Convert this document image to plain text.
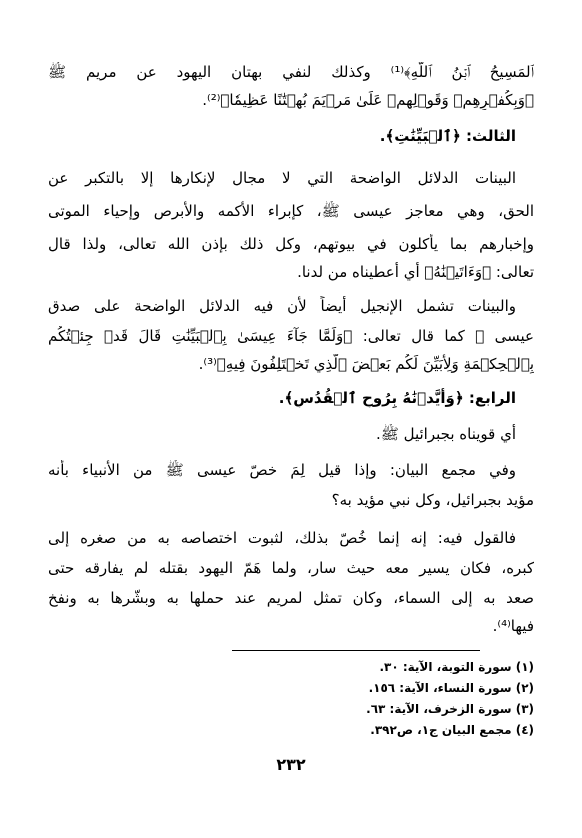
ﭐﻟﻤَﺴِﻴﺢُ ﭐﺑۡﻦُ ﭐﻟﻠَّﻪِ﴾⁽¹⁾ وكذلك لنفي بهتان اليهود عن مريم ﷺ
﴿وَبِكُفۡرِهِمۡ وَقَوۡلِهِمۡ عَلَىٰ مَرۡيَمَ بُهۡتَٰنًا عَظِيمٗا﴾⁽²⁾.
الثالث: ﴿ٱلۡبَيِّنَٰتِ﴾.
البينات الدلائل الواضحة التي لا مجال لإنكارها إلا بالتكبر عن
الحق، وهي معاجز عيسى ﷺ، كإبراء الأكمه والأبرص وإحياء الموتى
وإخبارهم بما يأكلون في بيوتهم، وكل ذلك بإذن الله تعالى، ولذا قال
تعالى: ﴿وَءَاتَيۡنَٰهُ﴾ أي أعطيناه من لدنا.
والبينات تشمل الإنجيل أيضاً لأن فيه الدلائل الواضحة على صدق
عيسى ﷺ كما قال تعالى: ﴿وَلَمَّا جَآءَ عِيسَىٰ بِٱلۡبَيِّنَٰتِ قَالَ قَدۡ جِئۡتُكُم
بِٱلۡحِكۡمَةِ وَلِأُبَيِّنَ لَكُم بَعۡضَ ٱلَّذِي تَخۡتَلِفُونَ فِيهِ﴾⁽³⁾.
الرابع: ﴿وَأَيَّدۡنَٰهُ بِرُوحِ ٱلۡقُدُسِ﴾.
أي قويناه بجبرائيل ﷺ.
وفي مجمع البيان: وإذا قيل لِمَ خصّ عيسى ﷺ من الأنبياء بأنه
مؤيد بجبرائيل، وكل نبي مؤيد به؟
فالقول فيه: إنه إنما خُصّ بذلك، لثبوت اختصاصه به من صغره إلى
كبره، فكان يسير معه حيث سار، ولما هَمّ اليهود بقتله لم يفارقه حتى
صعد به إلى السماء، وكان تمثل لمريم عند حملها به وبشّرها به ونفخ
فيها⁽⁴⁾.
(١) سورة التوبة، الآية: ٣٠.
(٢) سورة النساء، الآية: ١٥٦.
(٣) سورة الزخرف، الآية: ٦٣.
(٤) مجمع البيان ج١، ص٣٩٢.
٢٣٢
